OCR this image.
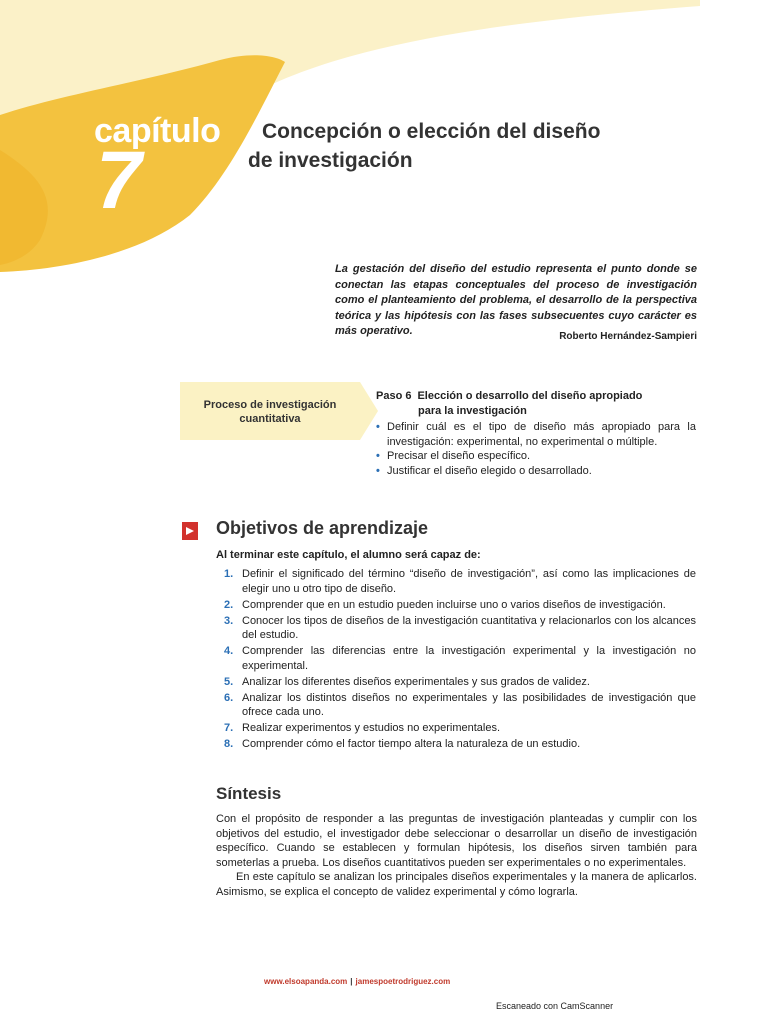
capítulo
7
Concepción o elección del diseño
de investigación
La gestación del diseño del estudio representa el punto donde se conectan las etapas conceptuales del proceso de investigación como el planteamiento del problema, el desarrollo de la perspectiva teórica y las hipótesis con las fases subsecuentes cuyo carácter es más operativo.	Roberto Hernández-Sampieri
Proceso de investigación
cuantitativa
Paso 6 Elección o desarrollo del diseño apropiado
para la investigación
• Definir cuál es el tipo de diseño más apropiado para la investigación: experimental, no experimental o múltiple.
• Precisar el diseño específico.
• Justificar el diseño elegido o desarrollado.
Objetivos de aprendizaje
Al terminar este capítulo, el alumno será capaz de:
1. Definir el significado del término “diseño de investigación”, así como las implicaciones de elegir uno u otro tipo de diseño.
2. Comprender que en un estudio pueden incluirse uno o varios diseños de investigación.
3. Conocer los tipos de diseños de la investigación cuantitativa y relacionarlos con los alcances del estudio.
4. Comprender las diferencias entre la investigación experimental y la investigación no experimental.
5. Analizar los diferentes diseños experimentales y sus grados de validez.
6. Analizar los distintos diseños no experimentales y las posibilidades de investigación que ofrece cada uno.
7. Realizar experimentos y estudios no experimentales.
8. Comprender cómo el factor tiempo altera la naturaleza de un estudio.
Síntesis

Con el propósito de responder a las preguntas de investigación planteadas y cumplir con los objetivos del estudio, el investigador debe seleccionar o desarrollar un diseño de investigación específico. Cuando se establecen y formulan hipótesis, los diseños sirven también para someterlas a prueba. Los diseños cuantitativos pueden ser experimentales o no experimentales.

En este capítulo se analizan los principales diseños experimentales y la manera de aplicarlos. Asimismo, se explica el concepto de validez experimental y cómo lograrla.

www.elsoapanda.com | jamespoetrodriguez.com
Escaneado con CamScanner
